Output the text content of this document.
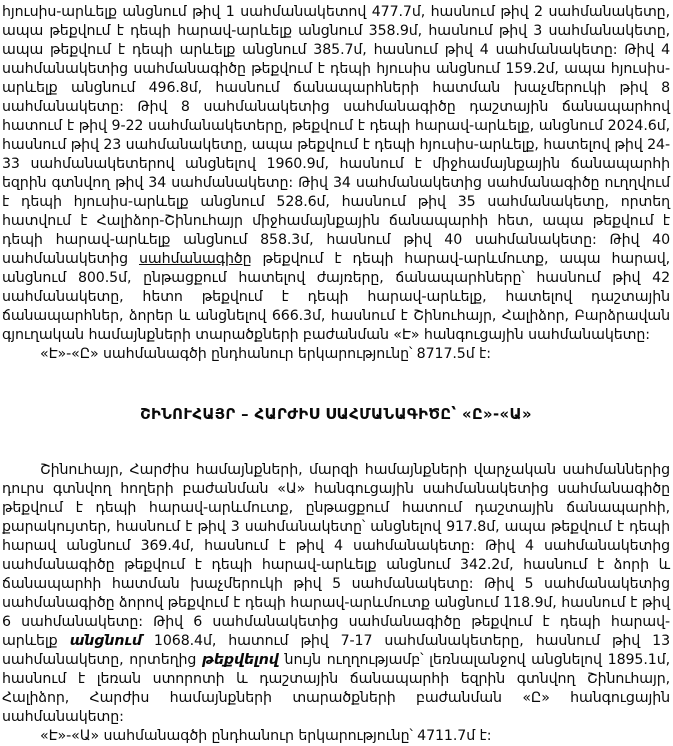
հյուսիս-արևելք անցնում թիվ 1 սահմանակետով 477.7մ, հասնում թիվ 2 սահմանակետը, ապա թեքվում է դեպի հարավ-արևելք անցնում 358.9մ, հասնում թիվ 3 սահմանակետը, ապա թեքվում է դեպի արևելք անցնում 385.7մ, հասնում թիվ 4 սահմանակետը: Թիվ 4 սահմանակետից սահմանագիծը թեքվում է դեպի հյուսիս անցնում 159.2մ, ապա հյուսիս-արևելք անցնում 496.8մ, հասնում ճանապարհների հատման խաչմերուկի թիվ 8 սահմանակետը: Թիվ 8 սահմանակետից սահմանագիծը դաշտային ճանապարհով հատում է թիվ 9-22 սահմանակետերը, թեքվում է դեպի հարավ-արևելք, անցնում 2024.6մ, հասնում թիվ 23 սահմանակետը, ապա թեքվում է դեպի հյուսիս-արևելք, հատելով թիվ 24-33 սահմանակետերով անցնելով 1960.9մ, հասնում է միջհամայնքային ճանապարհի եզրին գտնվող թիվ 34 սահմանակետը: Թիվ 34 սահմանակետից սահմանագիծը ուղղվում է դեպի հյուսիս-արևելք անցնում 528.6մ, հասնում թիվ 35 սահմանակետը, որտեղ հատվում է Հալիձոր-Շինուհայր միջհամայնքային ճանապարհի հետ, ապա թեքվում է դեպի հարավ-արևելք անցնում 858.3մ, հասնում թիվ 40 սահմանակետը: Թիվ 40 սահմանակետից սահմանագիծը թեքվում է դեպի հարավ-արևմուտք, ապա հարավ, անցնում 800.5մ, ընթացքում հատելով ժայռերը, ճանապարհները՝ հասնում թիվ 42 սահմանակետը, հետո թեքվում է դեպի հարավ-արևելք, հատելով դաշտային ճանապարհներ, ձորեր և անցնելով 666.3մ, հասնում է Շինուհայր, Հալիձոր, Բարձրավան գյուղական համայնքների տարածքների բաժանման «Է» հանգուցային սահմանակետը:

«Է»-«Ը» սահմանագծի ընդհանուր երկարությունը՝ 8717.5մ է:

ՇԻՆՈՒՀԱՅՐ – ՀԱՐԺԻՍ ՍԱՀՄԱՆԱԳԻԾԸ՝ «Ը»-«Ա»

Շինուհայր, Հարժիս համայնքների, մարզի համայնքների վարչական սահմաններից դուրս գտնվող հողերի բաժանման «Ա» հանգուցային սահմանակետից սահմանագիծը թեքվում է դեպի հարավ-արևմուտք, ընթացքում հատում դաշտային ճանապարհի, քարակույտեր, հասնում է թիվ 3 սահմանակետը՝ անցնելով 917.8մ, ապա թեքվում է դեպի հարավ անցնում 369.4մ, հասնում է թիվ 4 սահմանակետը: Թիվ 4 սահմանակետից սահմանագիծը թեքվում է դեպի հարավ-արևելք անցնում 342.2մ, հասնում է ձորի և ճանապարհի հատման խաչմերուկի թիվ 5 սահմանակետը: Թիվ 5 սահմանակետից սահմանագիծը ձորով թեքվում է դեպի հարավ-արևմուտք անցնում 118.9մ, հասնում է թիվ 6 սահմանակետը: Թիվ 6 սահմանակետից սահմանագիծը թեքվում է դեպի հարավ-արևելք անցնում 1068.4մ, հատում թիվ 7-17 սահմանակետերը, հասնում թիվ 13 սահմանակետը, որտեղից թեքվելով նույն ուղղությամբ՝ լեռնալանջով անցնելով 1895.1մ, հասնում է լեռան ստորոտի և դաշտային ճանապարհի եզրին գտնվող Շինուհայր, Հալիձոր, Հարժիս համայնքների տարածքների բաժանման «Ը» հանգուցային սահմանակետը:

«Է»-«Ա» սահմանագծի ընդհանուր երկարությունը՝ 4711.7մ է:
